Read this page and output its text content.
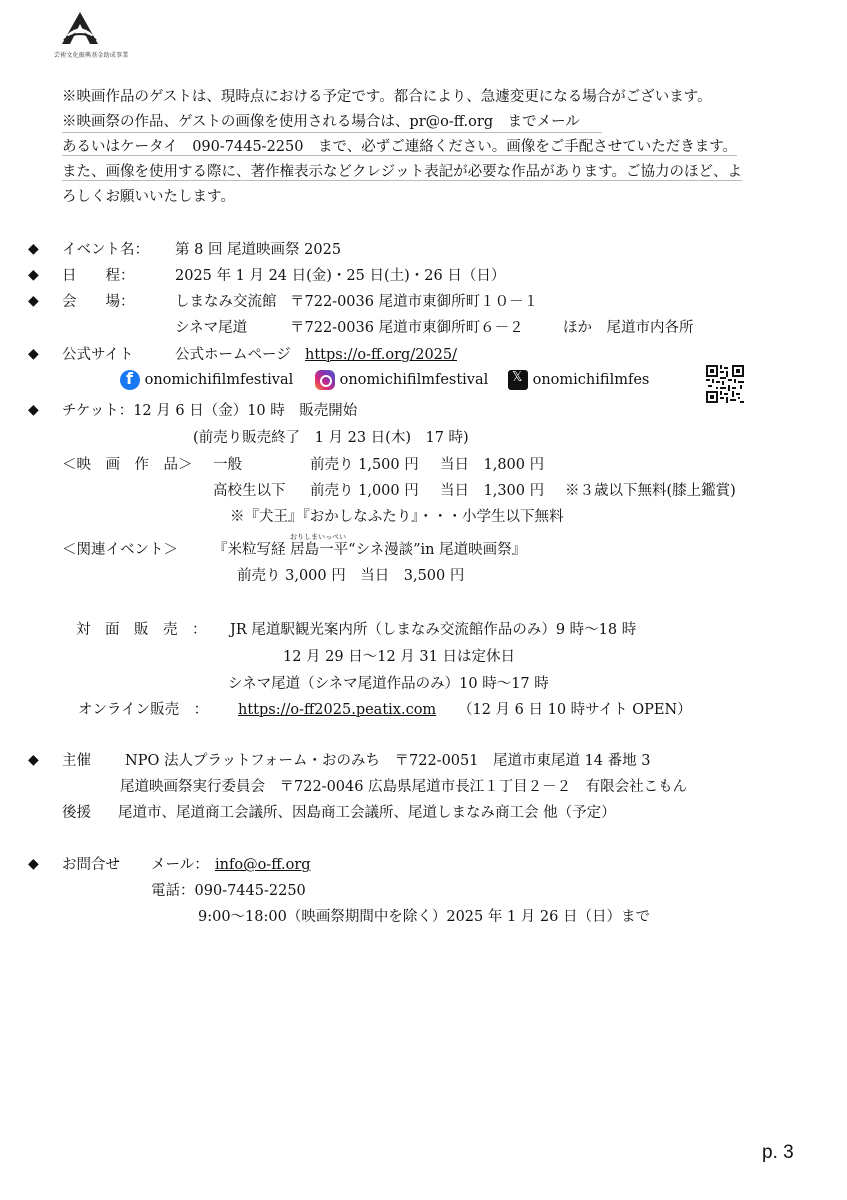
芸術文化振興基金助成事業
※映画作品のゲストは、現時点における予定です。都合により、急遽変更になる場合がございます。
※映画祭の作品、ゲストの画像を使用される場合は、pr@o-ff.org　までメール
あるいはケータイ　090-7445-2250　まで、必ずご連絡ください。画像をご手配させていただきます。
また、画像を使用する際に、著作権表示などクレジット表記が必要な作品があります。ご協力のほど、よ
ろしくお願いいたします。
◆ イベント名： 第 8 回 尾道映画祭 2025
◆ 日　　程：	2025 年 1 月 24 日(金)・25 日(土)・26 日（日）
◆ 会　　場：	しまなみ交流館 〒722-0036 尾道市東御所町１０－１
シネマ尾道	〒722-0036 尾道市東御所町６－２	ほか　尾道市内各所
◆ 公式サイト	公式ホームページ https://o-ff.org/2025/
f onomichifilmfestival	onomichifilmfestival
𝕏	onomichifilmfes
◆ チケット：12 月 6 日（金）10 時　販売開始
(前売り販売終了　1 月 23 日(木)　17 時)
＜映　画　作　品＞ 一般	前売り 1,500 円 当日　1,800 円
高校生以下 前売り 1,000 円 当日　1,300 円 ※３歳以下無料(膝上鑑賞)
※『犬王』『おかしなふたり』・・・小学生以下無料
＜関連イベント＞
おりしまいっぺい
『米粒写経 居島一平“シネ漫談”in 尾道映画祭』
前売り 3,000 円　当日　3,500 円
対　面　販　売　： JR 尾道駅観光案内所（しまなみ交流館作品のみ）9 時～18 時
12 月 29 日～12 月 31 日は定休日
シネマ尾道（シネマ尾道作品のみ）10 時～17 時
オンライン販売　： https://o-ff2025.peatix.com （12 月 6 日 10 時サイト OPEN）
◆ 主催 NPO 法人プラットフォーム・おのみち　〒722-0051　尾道市東尾道 14 番地 3
尾道映画祭実行委員会　〒722-0046 広島県尾道市長江１丁目２－２　有限会社こもん
後援 尾道市、尾道商工会議所、因島商工会議所、尾道しまなみ商工会 他（予定）
◆ お問合せ メール： info@o-ff.org
電話：090-7445-2250
9:00～18:00（映画祭期間中を除く）2025 年 1 月 26 日（日）まで
p. 3
